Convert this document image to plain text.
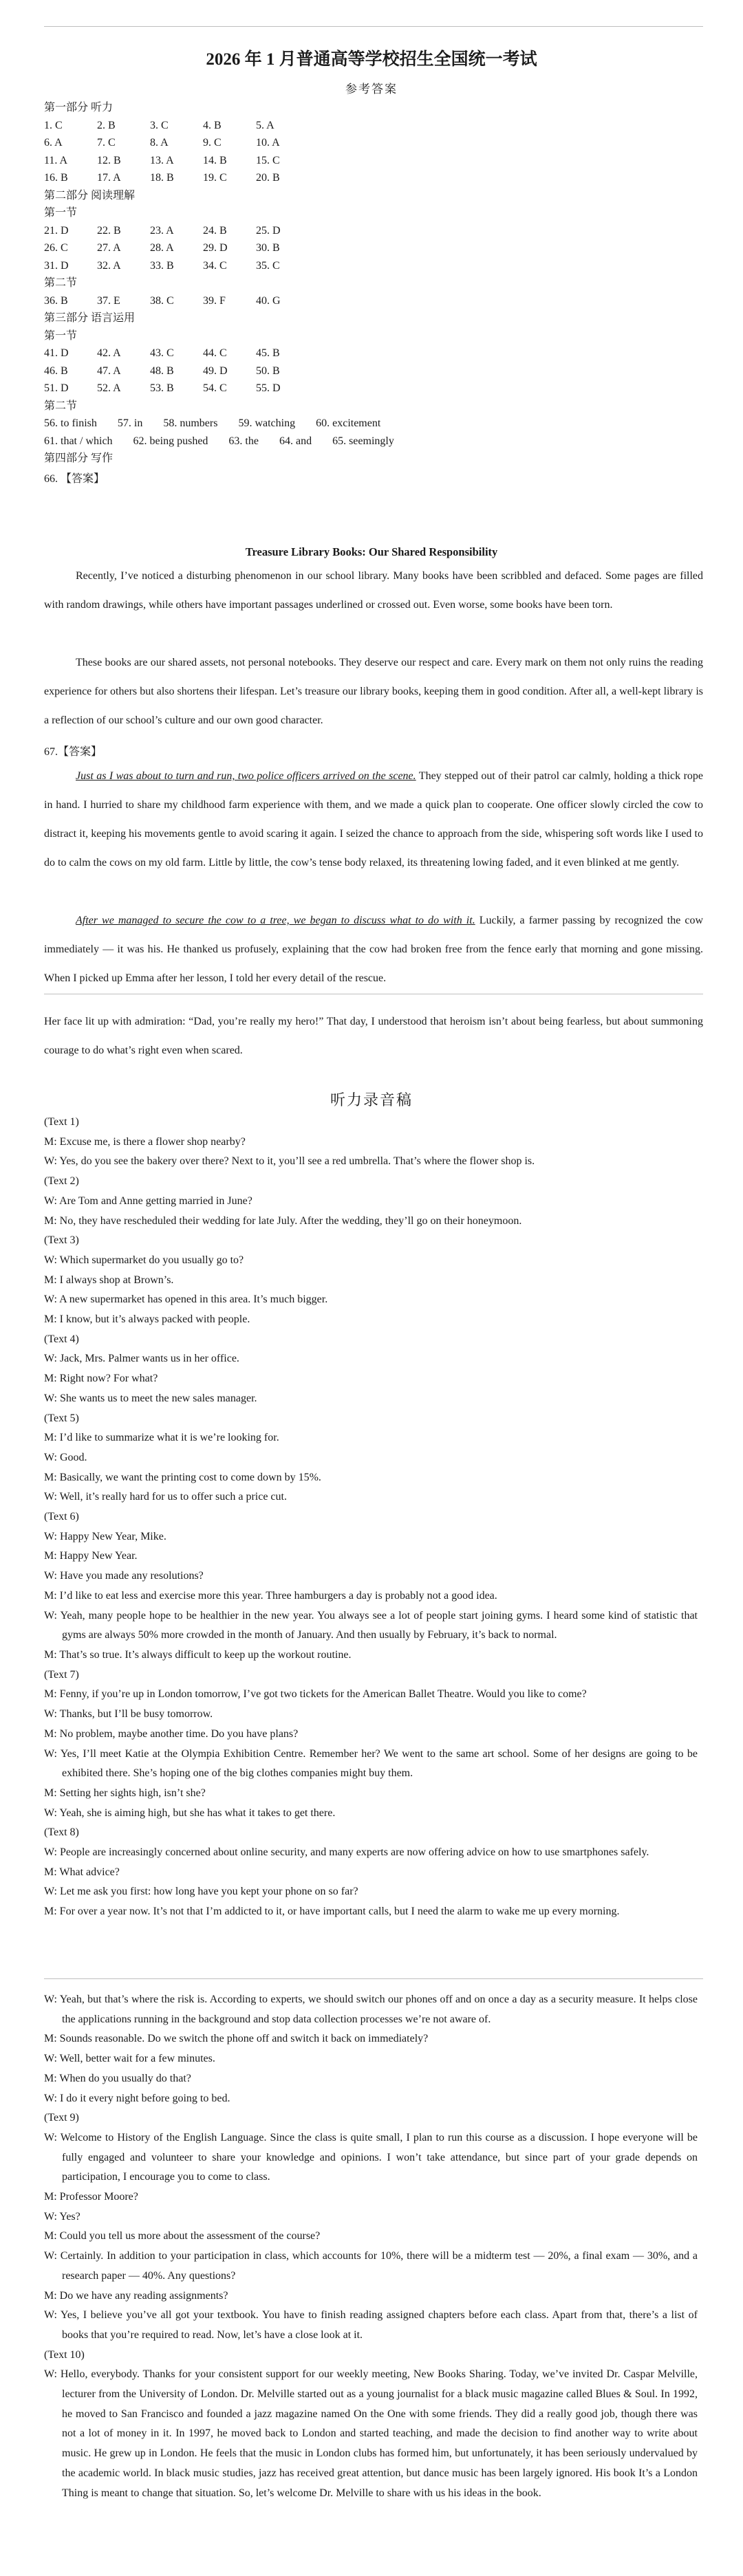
2026 年 1 月普通高等学校招生全国统一考试
参考答案
第一部分 听力
1. C	2. B	3. C	4. B	5. A
6. A	7. C	8. A	9. C	10. A
11. A	12. B	13. A	14. B	15. C
16. B	17. A	18. B	19. C	20. B
第二部分 阅读理解
第一节
21. D	22. B	23. A	24. B	25. D
26. C	27. A	28. A	29. D	30. B
31. D	32. A	33. B	34. C	35. C
第二节
36. B	37. E	38. C	39. F	40. G
第三部分 语言运用
第一节
41. D	42. A	43. C	44. C	45. B
46. B	47. A	48. B	49. D	50. B
51. D	52. A	53. B	54. C	55. D
第二节
56. to finish 57. in 58. numbers 59. watching 60. excitement
61. that / which 62. being pushed 63. the 64. and 65. seemingly
第四部分 写作
66. 【答案】
Treasure Library Books: Our Shared Responsibility

Recently, I’ve noticed a disturbing phenomenon in our school library. Many books have been scribbled and defaced. Some pages are filled with random drawings, while others have important passages underlined or crossed out. Even worse, some books have been torn.

These books are our shared assets, not personal notebooks. They deserve our respect and care. Every mark on them not only ruins the reading experience for others but also shortens their lifespan. Let’s treasure our library books, keeping them in good condition. After all, a well-kept library is a reflection of our school’s culture and our own good character.

67.【答案】

Just as I was about to turn and run, two police officers arrived on the scene. They stepped out of their patrol car calmly, holding a thick rope in hand. I hurried to share my childhood farm experience with them, and we made a quick plan to cooperate. One officer slowly circled the cow to distract it, keeping his movements gentle to avoid scaring it again. I seized the chance to approach from the side, whispering soft words like I used to do to calm the cows on my old farm. Little by little, the cow’s tense body relaxed, its threatening lowing faded, and it even blinked at me gently.

After we managed to secure the cow to a tree, we began to discuss what to do with it. Luckily, a farmer passing by recognized the cow immediately — it was his. He thanked us profusely, explaining that the cow had broken free from the fence early that morning and gone missing. When I picked up Emma after her lesson, I told her every detail of the rescue.

Her face lit up with admiration: “Dad, you’re really my hero!” That day, I understood that heroism isn’t about being fearless, but about summoning courage to do what’s right even when scared.

听力录音稿
(Text 1)
M: Excuse me, is there a flower shop nearby?
W: Yes, do you see the bakery over there? Next to it, you’ll see a red umbrella. That’s where the flower shop is.
(Text 2)
W: Are Tom and Anne getting married in June?
M: No, they have rescheduled their wedding for late July. After the wedding, they’ll go on their honeymoon.
(Text 3)
W: Which supermarket do you usually go to?
M: I always shop at Brown’s.
W: A new supermarket has opened in this area. It’s much bigger.
M: I know, but it’s always packed with people.
(Text 4)
W: Jack, Mrs. Palmer wants us in her office.
M: Right now? For what?
W: She wants us to meet the new sales manager.
(Text 5)
M: I’d like to summarize what it is we’re looking for.
W: Good.
M: Basically, we want the printing cost to come down by 15%.
W: Well, it’s really hard for us to offer such a price cut.
(Text 6)
W: Happy New Year, Mike.
M: Happy New Year.
W: Have you made any resolutions?
M: I’d like to eat less and exercise more this year. Three hamburgers a day is probably not a good idea.
W: Yeah, many people hope to be healthier in the new year. You always see a lot of people start joining gyms. I heard some kind of statistic that gyms are always 50% more crowded in the month of January. And then usually by February, it’s back to normal.
M: That’s so true. It’s always difficult to keep up the workout routine.
(Text 7)
M: Fenny, if you’re up in London tomorrow, I’ve got two tickets for the American Ballet Theatre. Would you like to come?
W: Thanks, but I’ll be busy tomorrow.
M: No problem, maybe another time. Do you have plans?
W: Yes, I’ll meet Katie at the Olympia Exhibition Centre. Remember her? We went to the same art school. Some of her designs are going to be exhibited there. She’s hoping one of the big clothes companies might buy them.
M: Setting her sights high, isn’t she?
W: Yeah, she is aiming high, but she has what it takes to get there.
(Text 8)
W: People are increasingly concerned about online security, and many experts are now offering advice on how to use smartphones safely.
M: What advice?
W: Let me ask you first: how long have you kept your phone on so far?
M: For over a year now. It’s not that I’m addicted to it, or have important calls, but I need the alarm to wake me up every morning.
W: Yeah, but that’s where the risk is. According to experts, we should switch our phones off and on once a day as a security measure. It helps close the applications running in the background and stop data collection processes we’re not aware of.
M: Sounds reasonable. Do we switch the phone off and switch it back on immediately?
W: Well, better wait for a few minutes.
M: When do you usually do that?
W: I do it every night before going to bed.
(Text 9)
W: Welcome to History of the English Language. Since the class is quite small, I plan to run this course as a discussion. I hope everyone will be fully engaged and volunteer to share your knowledge and opinions. I won’t take attendance, but since part of your grade depends on participation, I encourage you to come to class.
M: Professor Moore?
W: Yes?
M: Could you tell us more about the assessment of the course?
W: Certainly. In addition to your participation in class, which accounts for 10%, there will be a midterm test — 20%, a final exam — 30%, and a research paper — 40%. Any questions?
M: Do we have any reading assignments?
W: Yes, I believe you’ve all got your textbook. You have to finish reading assigned chapters before each class. Apart from that, there’s a list of books that you’re required to read. Now, let’s have a close look at it.
(Text 10)
W: Hello, everybody. Thanks for your consistent support for our weekly meeting, New Books Sharing. Today, we’ve invited Dr. Caspar Melville, lecturer from the University of London. Dr. Melville started out as a young journalist for a black music magazine called Blues & Soul. In 1992, he moved to San Francisco and founded a jazz magazine named On the One with some friends. They did a really good job, though there was not a lot of money in it. In 1997, he moved back to London and started teaching, and made the decision to find another way to write about music. He grew up in London. He feels that the music in London clubs has formed him, but unfortunately, it has been seriously undervalued by the academic world. In black music studies, jazz has received great attention, but dance music has been largely ignored. His book It’s a London Thing is meant to change that situation. So, let’s welcome Dr. Melville to share with us his ideas in the book.
